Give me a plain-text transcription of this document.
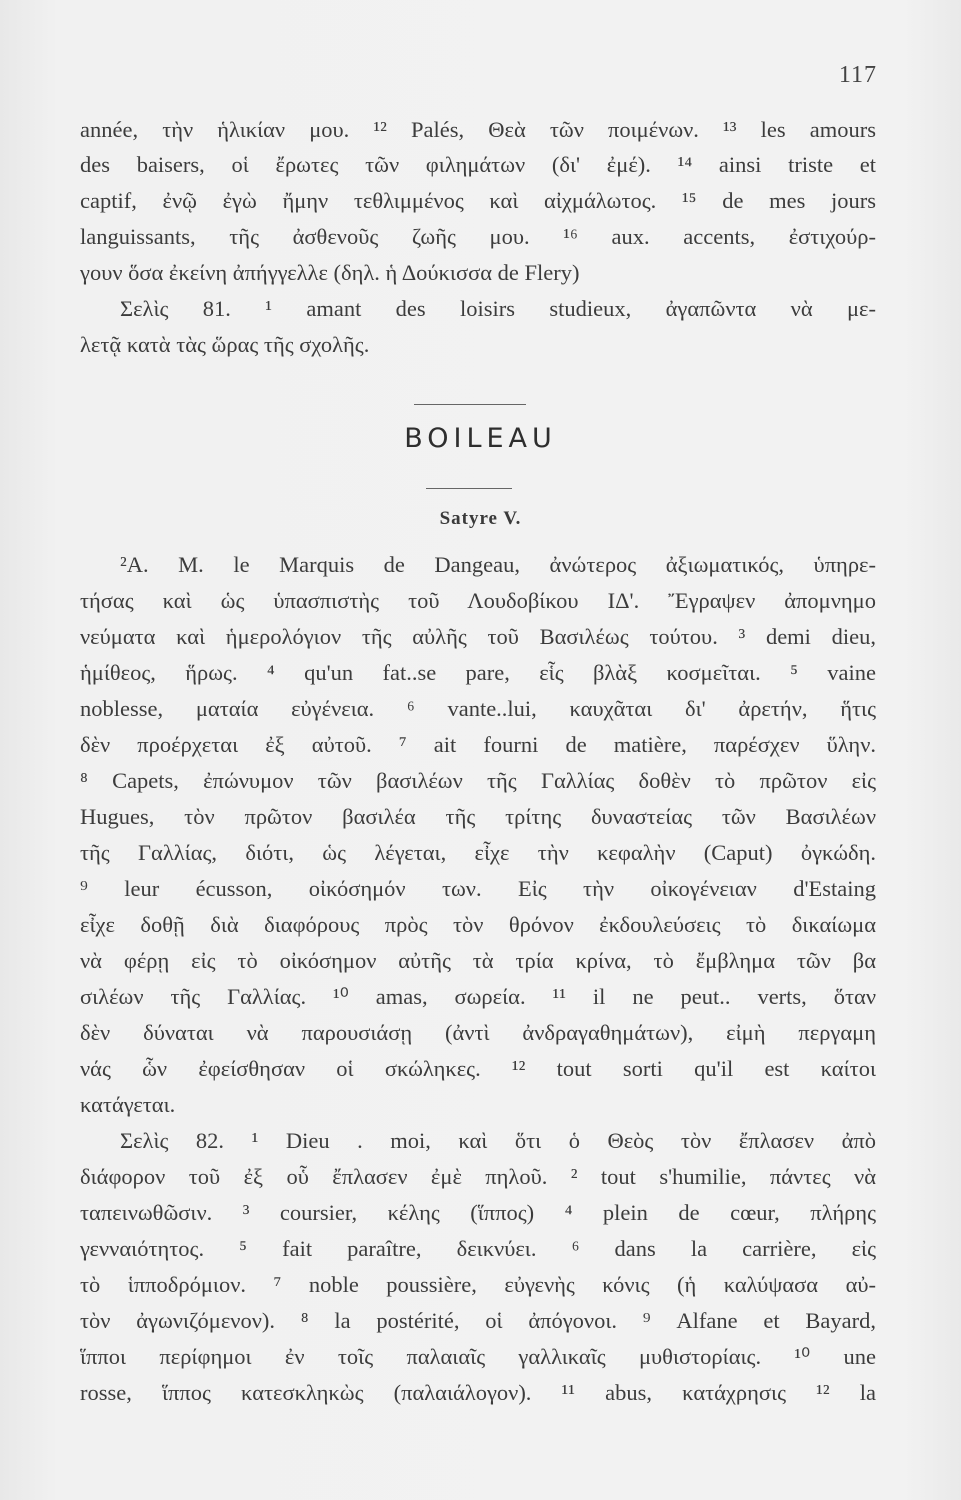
117
année, τὴν ἡλικίαν μου. ¹² Palés, Θεὰ τῶν ποιμένων. ¹³ les amours
des baisers, οἱ ἔρωτες τῶν φιλημάτων (δι' ἐμέ). ¹⁴ ainsi triste et
captif, ἐνῷ ἐγὼ ἤμην τεθλιμμένος καὶ αἰχμάλωτος. ¹⁵ de mes jours
languissants, τῆς ἀσθενοῦς ζωῆς μου. ¹⁶ aux. accents, ἐστιχούρ-
γουν ὅσα ἐκείνη ἀπήγγελλε (δηλ. ἡ Δούκισσα de Flery)
Σελὶς 81. ¹ amant des loisirs studieux, ἀγαπῶντα νὰ με-
λετᾷ κατὰ τὰς ὥρας τῆς σχολῆς.
BOILEAU
Satyre V.
²Α. Μ. le Marquis de Dangeau, ἀνώτερος ἀξιωματικός, ὑπηρε-
τήσας καὶ ὡς ὑπασπιστὴς τοῦ Λουδοβίκου ΙΔ'. Ἔγραψεν ἀπομνημο
νεύματα καὶ ἡμερολόγιον τῆς αὐλῆς τοῦ Βασιλέως τούτου. ³ demi dieu,
ἡμίθεος, ἥρως. ⁴ qu'un fat..se pare, εἷς βλὰξ κοσμεῖται. ⁵ vaine
noblesse, ματαία εὐγένεια. ⁶ vante..lui, καυχᾶται δι' ἀρετήν, ἥτις
δὲν προέρχεται ἐξ αὐτοῦ. ⁷ ait fourni de matière, παρέσχεν ὕλην.
⁸ Capets, ἐπώνυμον τῶν βασιλέων τῆς Γαλλίας δοθὲν τὸ πρῶτον εἰς
Hugues, τὸν πρῶτον βασιλέα τῆς τρίτης δυναστείας τῶν Βασιλέων
τῆς Γαλλίας, διότι, ὡς λέγεται, εἶχε τὴν κεφαλὴν (Caput) ὀγκώδη.
⁹ leur écusson, οἰκόσημόν των. Εἰς τὴν οἰκογένειαν d'Estaing
εἶχε δοθῇ διὰ διαφόρους πρὸς τὸν θρόνον ἐκδουλεύσεις τὸ δικαίωμα
νὰ φέρῃ εἰς τὸ οἰκόσημον αὐτῆς τὰ τρία κρίνα, τὸ ἔμβλημα τῶν βα
σιλέων τῆς Γαλλίας. ¹⁰ amas, σωρεία. ¹¹ il ne peut.. verts, ὅταν
δὲν δύναται νὰ παρουσιάσῃ (ἀντὶ ἀνδραγαθημάτων), εἰμὴ περγαμη
νάς ὧν ἐφείσθησαν οἱ σκώληκες. ¹² tout sorti qu'il est καίτοι
κατάγεται.
Σελὶς 82. ¹ Dieu . moi, καὶ ὅτι ὁ Θεὸς τὸν ἔπλασεν ἀπὸ
διάφορον τοῦ ἐξ οὗ ἔπλασεν ἐμὲ πηλοῦ. ² tout s'humilie, πάντες νὰ
ταπεινωθῶσιν. ³ coursier, κέλης (ἵππος) ⁴ plein de cœur, πλήρης
γενναιότητος. ⁵ fait paraître, δεικνύει. ⁶ dans la carrière, εἰς
τὸ ἱπποδρόμιον. ⁷ noble poussière, εὐγενὴς κόνις (ἡ καλύψασα αὐ-
τὸν ἀγωνιζόμενον). ⁸ la postérité, οἱ ἀπόγονοι. ⁹ Alfane et Bayard,
ἵπποι περίφημοι ἐν τοῖς παλαιαῖς γαλλικαῖς μυθιστορίαις. ¹⁰ une
rosse, ἵππος κατεσκληκὼς (παλαιάλογον). ¹¹ abus, κατάχρησις ¹² la
